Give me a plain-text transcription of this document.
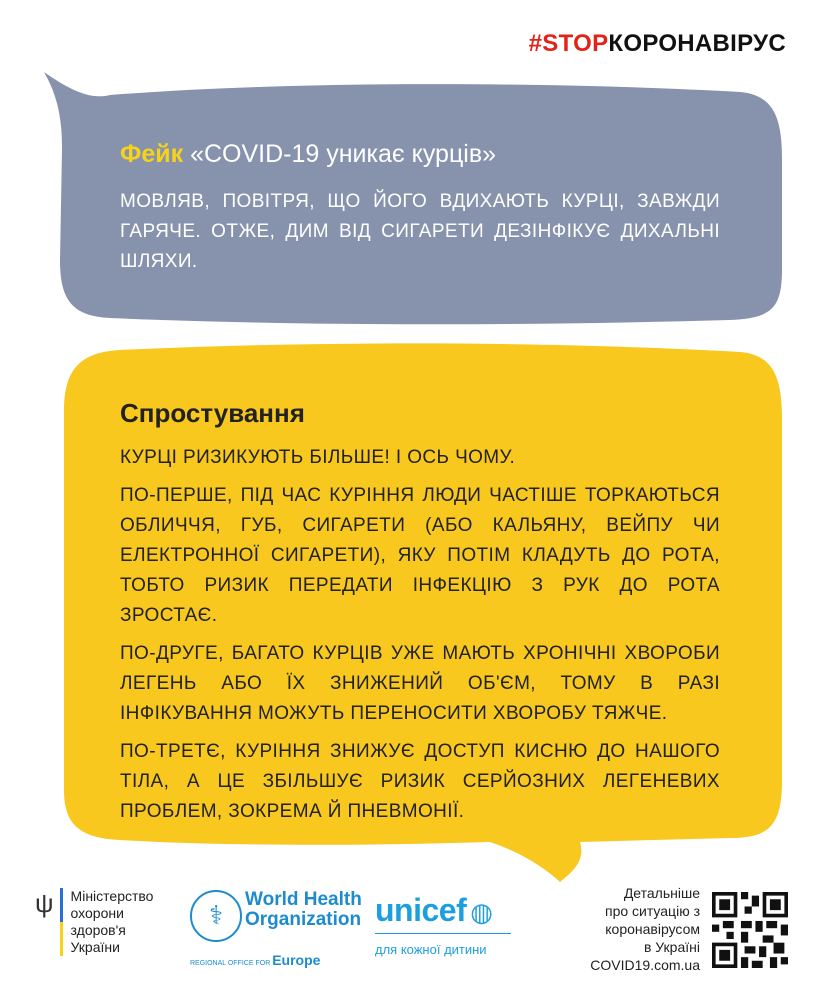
#STOPКОРОНАВІРУС
Фейк «COVID-19 уникає курців»
МОВЛЯВ, ПОВІТРЯ, ЩО ЙОГО ВДИХАЮТЬ КУРЦІ, ЗАВЖДИ ГАРЯЧЕ. ОТЖЕ, ДИМ ВІД СИГАРЕТИ ДЕЗІНФІКУЄ ДИХАЛЬНІ ШЛЯХИ.
Спростування

КУРЦІ РИЗИКУЮТЬ БІЛЬШЕ! І ОСЬ ЧОМУ.

ПО-ПЕРШЕ, ПІД ЧАС КУРІННЯ ЛЮДИ ЧАСТІШЕ ТОРКАЮТЬСЯ ОБЛИЧЧЯ, ГУБ, СИГАРЕТИ (АБО КАЛЬЯНУ, ВЕЙПУ ЧИ ЕЛЕКТРОННОЇ СИГАРЕТИ), ЯКУ ПОТІМ КЛАДУТЬ ДО РОТА, ТОБТО РИЗИК ПЕРЕДАТИ ІНФЕКЦІЮ З РУК ДО РОТА ЗРОСТАЄ.

ПО-ДРУГЕ, БАГАТО КУРЦІВ УЖЕ МАЮТЬ ХРОНІЧНІ ХВОРОБИ ЛЕГЕНЬ АБО ЇХ ЗНИЖЕНИЙ ОБ'ЄМ, ТОМУ В РАЗІ ІНФІКУВАННЯ МОЖУТЬ ПЕРЕНОСИТИ ХВОРОБУ ТЯЖЧЕ.

ПО-ТРЕТЄ, КУРІННЯ ЗНИЖУЄ ДОСТУП КИСНЮ ДО НАШОГО ТІЛА, А ЦЕ ЗБІЛЬШУЄ РИЗИК СЕРЙОЗНИХ ЛЕГЕНЕВИХ ПРОБЛЕМ, ЗОКРЕМА Й ПНЕВМОНІЇ.

ψ Міністерство
охорони
здоров'я
України
⚕
World Health Organization
REGIONAL OFFICE FOR Europe
unicef ◍
для кожної дитини
Детальніше
про ситуацію з
коронавірусом
в Україні
COVID19.com.ua
